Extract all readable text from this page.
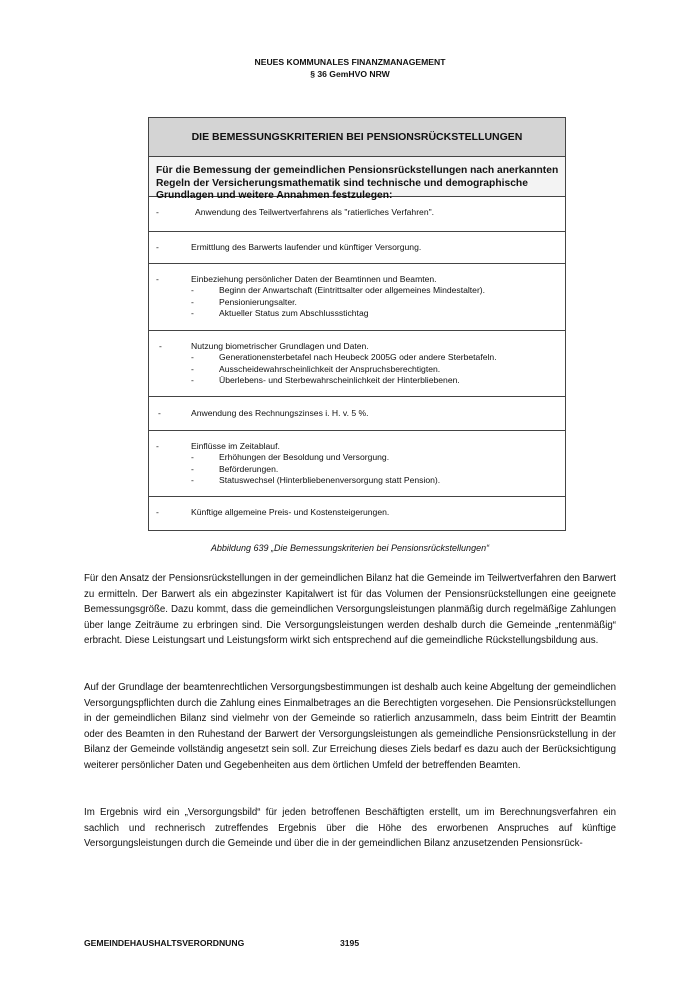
NEUES KOMMUNALES FINANZMANAGEMENT
§ 36 GemHVO NRW
DIE BEMESSUNGSKRITERIEN BEI PENSIONSRÜCKSTELLUNGEN
Für die Bemessung der gemeindlichen Pensionsrückstellungen nach anerkannten Regeln der Versicherungsmathematik sind technische und demographische Grundlagen und weitere Annahmen festzulegen:
-	Anwendung des Teilwertverfahrens als "ratierliches Verfahren".
-	Ermittlung des Barwerts laufender und künftiger Versorgung.
-	Einbeziehung persönlicher Daten der Beamtinnen und Beamten.
-	Beginn der Anwartschaft (Eintrittsalter oder allgemeines Mindestalter).
-	Pensionierungsalter.
-	Aktueller Status zum Abschlussstichtag
-	Nutzung biometrischer Grundlagen und Daten.
-	Generationensterbetafel nach Heubeck 2005G oder andere Sterbetafeln.
-	Ausscheidewahrscheinlichkeit der Anspruchsberechtigten.
-	Überlebens- und Sterbewahrscheinlichkeit der Hinterbliebenen.
-	Anwendung des Rechnungszinses i. H. v. 5 %.
-	Einflüsse im Zeitablauf.
-	Erhöhungen der Besoldung und Versorgung.
-	Beförderungen.
-	Statuswechsel (Hinterbliebenenversorgung statt Pension).
-	Künftige allgemeine Preis- und Kostensteigerungen.
Abbildung 639 „Die Bemessungskriterien bei Pensionsrückstellungen“
Für den Ansatz der Pensionsrückstellungen in der gemeindlichen Bilanz hat die Gemeinde im Teilwertverfahren den Barwert zu ermitteln. Der Barwert als ein abgezinster Kapitalwert ist für das Volumen der Pensionsrückstellungen eine geeignete Bemessungsgröße. Dazu kommt, dass die gemeindlichen Versorgungsleistungen planmäßig durch regelmäßige Zahlungen über lange Zeiträume zu erbringen sind. Die Versorgungsleistungen werden deshalb durch die Gemeinde „rentenmäßig“ erbracht. Diese Leistungsart und Leistungsform wirkt sich entsprechend auf die gemeindliche Rückstellungsbildung aus.
Auf der Grundlage der beamtenrechtlichen Versorgungsbestimmungen ist deshalb auch keine Abgeltung der gemeindlichen Versorgungspflichten durch die Zahlung eines Einmalbetrages an die Berechtigten vorgesehen. Die Pensionsrückstellungen in der gemeindlichen Bilanz sind vielmehr von der Gemeinde so ratierlich anzusammeln, dass beim Eintritt der Beamtin oder des Beamten in den Ruhestand der Barwert der Versorgungsleistungen als gemeindliche Pensionsrückstellung in der Bilanz der Gemeinde vollständig angesetzt sein soll. Zur Erreichung dieses Ziels bedarf es dazu auch der Berücksichtigung weiterer persönlicher Daten und Gegebenheiten aus dem örtlichen Umfeld der betreffenden Beamten.
Im Ergebnis wird ein „Versorgungsbild“ für jeden betroffenen Beschäftigten erstellt, um im Berechnungsverfahren ein sachlich und rechnerisch zutreffendes Ergebnis über die Höhe des erworbenen Anspruches auf künftige Versorgungsleistungen durch die Gemeinde und über die in der gemeindlichen Bilanz anzusetzenden Pensionsrück-
GEMEINDEHAUSHALTSVERORDNUNG	3195
